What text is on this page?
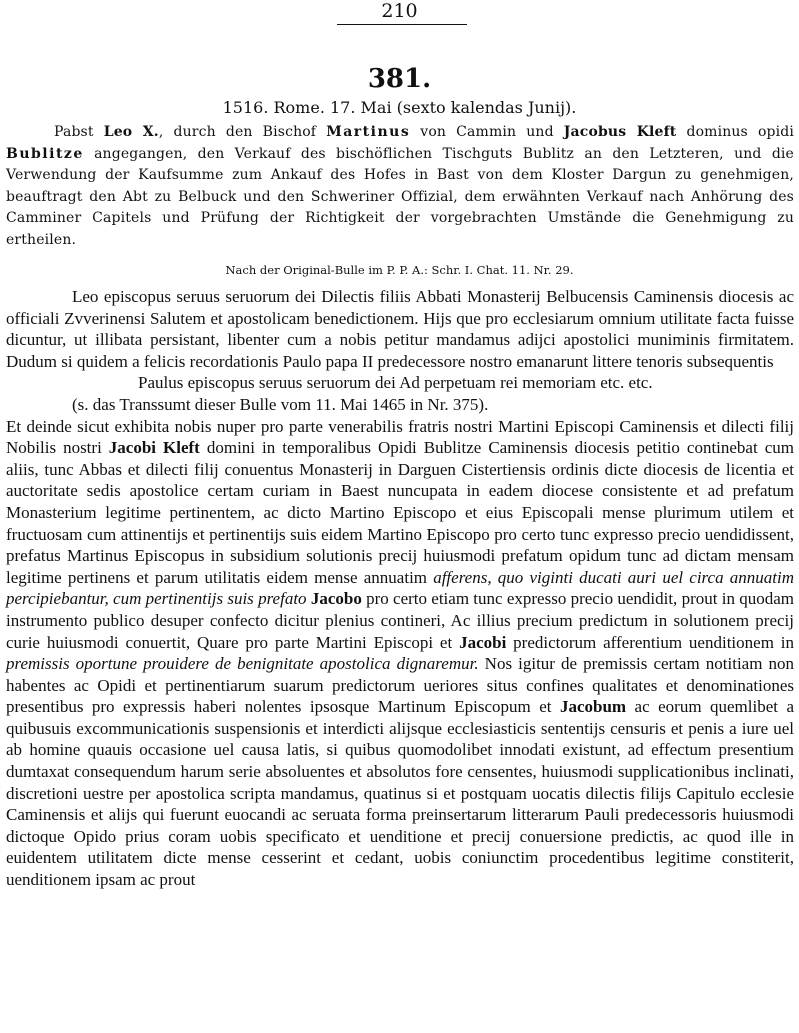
210
381.
1516. Rome. 17. Mai (sexto kalendas Junij).

Pabst Leo X., durch den Bischof Martinus von Cammin und Jacobus Kleft dominus opidi Bublitze angegangen, den Verkauf des bischöflichen Tischguts Bublitz an den Letzteren, und die Verwendung der Kaufsumme zum Ankauf des Hofes in Bast von dem Kloster Dargun zu genehmigen, beauftragt den Abt zu Belbuck und den Schweriner Offizial, dem erwähnten Verkauf nach Anhörung des Camminer Capitels und Prüfung der Richtigkeit der vorgebrachten Umstände die Genehmigung zu ertheilen.

Nach der Original-Bulle im P. P. A.: Schr. I. Chat. 11. Nr. 29.

Leo episcopus seruus seruorum dei Dilectis filiis Abbati Monasterij Belbucensis Caminensis diocesis ac officiali Zvverinensi Salutem et apostolicam benedictionem. Hijs que pro ecclesiarum omnium utilitate facta fuisse dicuntur, ut illibata persistant, libenter cum a nobis petitur mandamus adijci apostolici muniminis firmitatem. Dudum si quidem a felicis recordationis Paulo papa II predecessore nostro emanarunt littere tenoris subsequentis

Paulus episcopus seruus seruorum dei Ad perpetuam rei memoriam etc. etc.

(s. das Transsumt dieser Bulle vom 11. Mai 1465 in Nr. 375).

Et deinde sicut exhibita nobis nuper pro parte venerabilis fratris nostri Martini Episcopi Caminensis et dilecti filij Nobilis nostri Jacobi Kleft domini in temporalibus Opidi Bublitze Caminensis diocesis petitio continebat cum aliis, tunc Abbas et dilecti filij conuentus Monasterij in Darguen Cistertiensis ordinis dicte diocesis de licentia et auctoritate sedis apostolice certam curiam in Baest nuncupata in eadem diocese consistente et ad prefatum Monasterium legitime pertinentem, ac dicto Martino Episcopo et eius Episcopali mense plurimum utilem et fructuosam cum attinentijs et pertinentijs suis eidem Martino Episcopo pro certo tunc expresso precio uendidissent, prefatus Martinus Episcopus in subsidium solutionis precij huiusmodi prefatum opidum tunc ad dictam mensam legitime pertinens et parum utilitatis eidem mense annuatim afferens, quo viginti ducati auri uel circa annuatim percipiebantur, cum pertinentijs suis prefato Jacobo pro certo etiam tunc expresso precio uendidit, prout in quodam instrumento publico desuper confecto dicitur plenius contineri, Ac illius precium predictum in solutionem precij curie huiusmodi conuertit, Quare pro parte Martini Episcopi et Jacobi predictorum afferentium uenditionem in premissis oportune prouidere de benignitate apostolica dignaremur. Nos igitur de premissis certam notitiam non habentes ac Opidi et pertinentiarum suarum predictorum ueriores situs confines qualitates et denominationes presentibus pro expressis haberi nolentes ipsosque Martinum Episcopum et Jacobum ac eorum quemlibet a quibusuis excommunicationis suspensionis et interdicti alijsque ecclesiasticis sententijs censuris et penis a iure uel ab homine quauis occasione uel causa latis, si quibus quomodolibet innodati existunt, ad effectum presentium dumtaxat consequendum harum serie absoluentes et absolutos fore censentes, huiusmodi supplicationibus inclinati, discretioni uestre per apostolica scripta mandamus, quatinus si et postquam uocatis dilectis filijs Capitulo ecclesie Caminensis et alijs qui fuerunt euocandi ac seruata forma preinsertarum litterarum Pauli predecessoris huiusmodi dictoque Opido prius coram uobis specificato et uenditione et precij conuersione predictis, ac quod ille in euidentem utilitatem dicte mense cesserint et cedant, uobis coniunctim procedentibus legitime constiterit, uenditionem ipsam ac prout
